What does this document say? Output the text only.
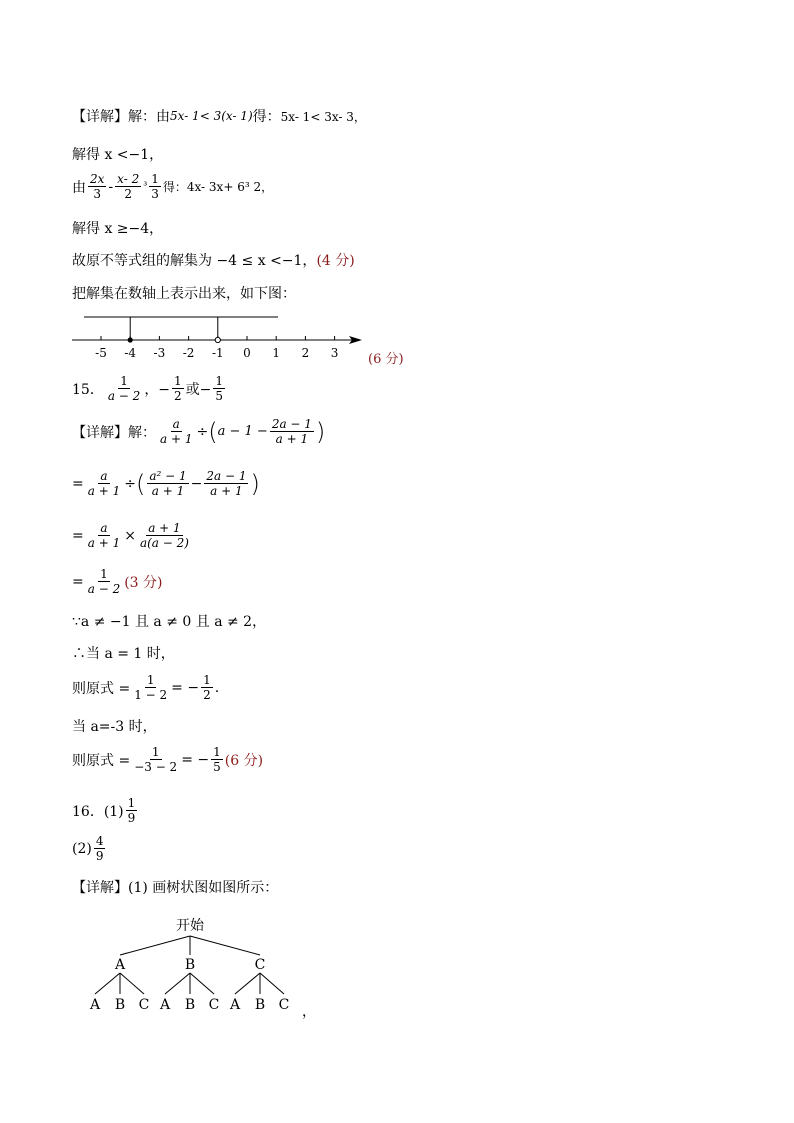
【详解】解：由 5x- 1< 3(x- 1) 得： 5x- 1< 3x- 3，
解得 x <−1，
由 $\frac{2x}{3} - \frac{x- 2}{2} ^3 \frac{1}{3}$ 得：4x- 3x+ 6³ 2，
解得 x ≥−4，
故原不等式组的解集为 −4 ≤ x <−1， (4 分)
把解集在数轴上表示出来，如下图：
-5 -4 -3 -2 -1 0 1 2 3 (6 分)
15． $\frac{1}{a - 2}$ ，− $\frac{1}{2}$ 或− $\frac{1}{5}$
【详解】解： $\frac{a}{a + 1}$ ÷ ( $a - 1 - \frac{2a - 1}{a + 1}$ )
= $\frac{a}{a + 1}$ ÷ ( $\frac{\text{a² − 1}}{a + 1} - \frac{2a - 1}{a + 1}$ )
= $\frac{a}{a + 1} \times \frac{a + 1}{a(a - 2)}$
= $\frac{1}{a - 2} (3$ 分)
∵a ≠ −1 且 a ≠ 0 且 a ≠ 2，
∴当 a = 1 时，
则原式 = $\frac{1}{1 - 2}$ = − $\frac{1}{2}$ .
当 a=-3 时，
则原式 = $\frac{1}{-3 - 2}$ = − $\frac{1}{5} (6$ 分)
16．$(1) \frac{1}{9}$
$(2) \frac{4}{9}$
【详解】(1) 画树状图如图所示：
开始
A
A B C
B
A B C
C
A B C ，
